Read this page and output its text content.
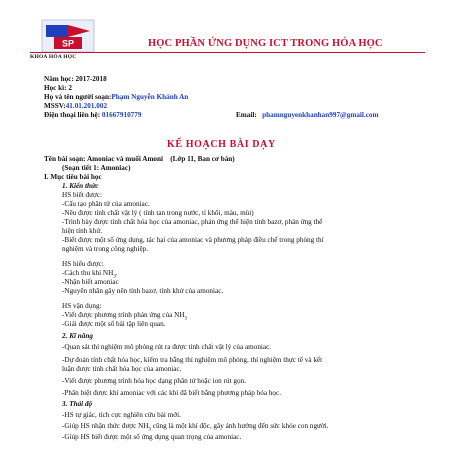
SP
KHOA HÓA HỌC
HỌC PHẦN ỨNG DỤNG ICT TRONG HÓA HỌC
Năm học: 2017-2018
Học kì: 2
Họ và tên người soạn:Phạm Nguyễn Khánh An
MSSV:41.01.201.002
Điện thoại liên hệ: 01667910779	Email: phamnguyenkhanhan997@gmail.com
KẾ HOẠCH BÀI DẠY
Tên bài soạn: Amoniac và muối Amoni (Lớp 11, Ban cơ bản)
(Soạn tiết 1: Amoniac)
I. Mục tiêu bài học
1. Kiến thức
HS biết được:
-Cấu tạo phân tử của amoniac.
-Nêu được tính chất vật lý ( tính tan trong nước, tỉ khối, màu, mùi)
-Trình bày được tính chất hóa học của amoniac, phản ứng thể hiện tính bazơ, phản ứng thể
hiện tính khử.
-Biết được một số ứng dụng, tác hại của amoniac và phương pháp điều chế trong phòng thí
nghiệm và trong công nghiệp.
HS hiểu được:
-Cách thu khí $NH_3$.
-Nhận biết amoniac
-Nguyên nhân gây nên tính bazơ, tính khử của amoniac.
HS vận dụng:
-Viết được phương trình phản ứng của $NH_3$
-Giải được một số bài tập liên quan.
2. Kĩ năng
-Quan sát thí nghiệm mô phỏng rút ra được tính chất vật lý của amoniac.
-Dự đoán tính chất hóa học, kiểm tra bằng thí nghiệm mô phỏng, thí nghiệm thực tế và kết
luận được tính chất hóa học của amoniac.
-Viết được phương trình hóa học dạng phân tử hoặc ion rút gọn.
-Phân biệt được khí amoniac với các khí đã biết bằng phương pháp hóa học.
3. Thái độ
-HS tự giác, tích cực nghiên cứu bài mới.
-Giúp HS nhận thức được $NH_3$ cũng là một khí độc, gây ảnh hưởng đến sức khỏe con người.
-Giúp HS biết được một số ứng dụng quan trọng của amoniac.
